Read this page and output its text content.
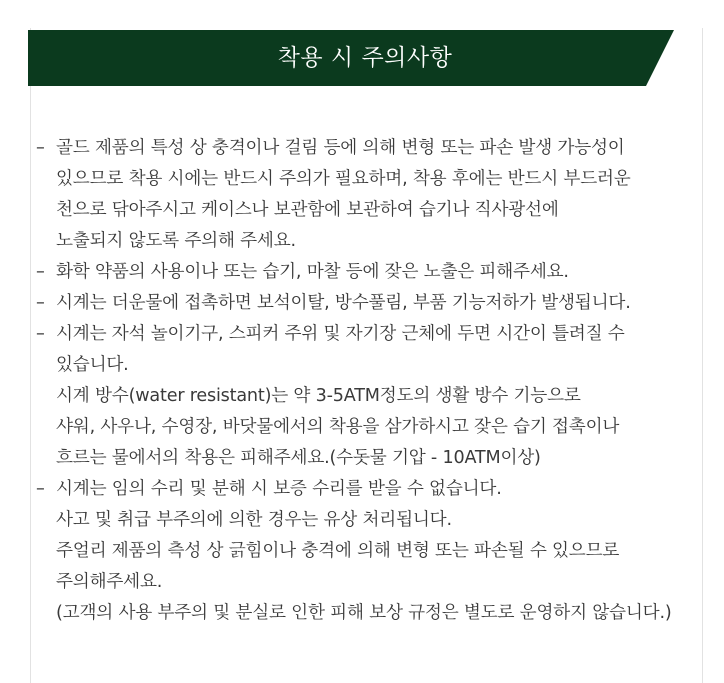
착용 시 주의사항
– 골드 제품의 특성 상 충격이나 걸림 등에 의해 변형 또는 파손 발생 가능성이
있으므로 착용 시에는 반드시 주의가 필요하며, 착용 후에는 반드시 부드러운
천으로 닦아주시고 케이스나 보관함에 보관하여 습기나 직사광선에
노출되지 않도록 주의해 주세요.
– 화학 약품의 사용이나 또는 습기, 마찰 등에 잦은 노출은 피해주세요.
– 시계는 더운물에 접촉하면 보석이탈, 방수풀림, 부품 기능저하가 발생됩니다.
– 시계는 자석 놀이기구, 스피커 주위 및 자기장 근체에 두면 시간이 틀려질 수
있습니다.
시계 방수(water resistant)는 약 3-5ATM정도의 생활 방수 기능으로
샤워, 사우나, 수영장, 바닷물에서의 착용을 삼가하시고 잦은 습기 접촉이나
흐르는 물에서의 착용은 피해주세요.(수돗물 기압 - 10ATM이상)
– 시계는 임의 수리 및 분해 시 보증 수리를 받을 수 없습니다.
사고 및 취급 부주의에 의한 경우는 유상 처리됩니다.
주얼리 제품의 측성 상 긁힘이나 충격에 의해 변형 또는 파손될 수 있으므로
주의해주세요.
(고객의 사용 부주의 및 분실로 인한 피해 보상 규정은 별도로 운영하지 않습니다.)
